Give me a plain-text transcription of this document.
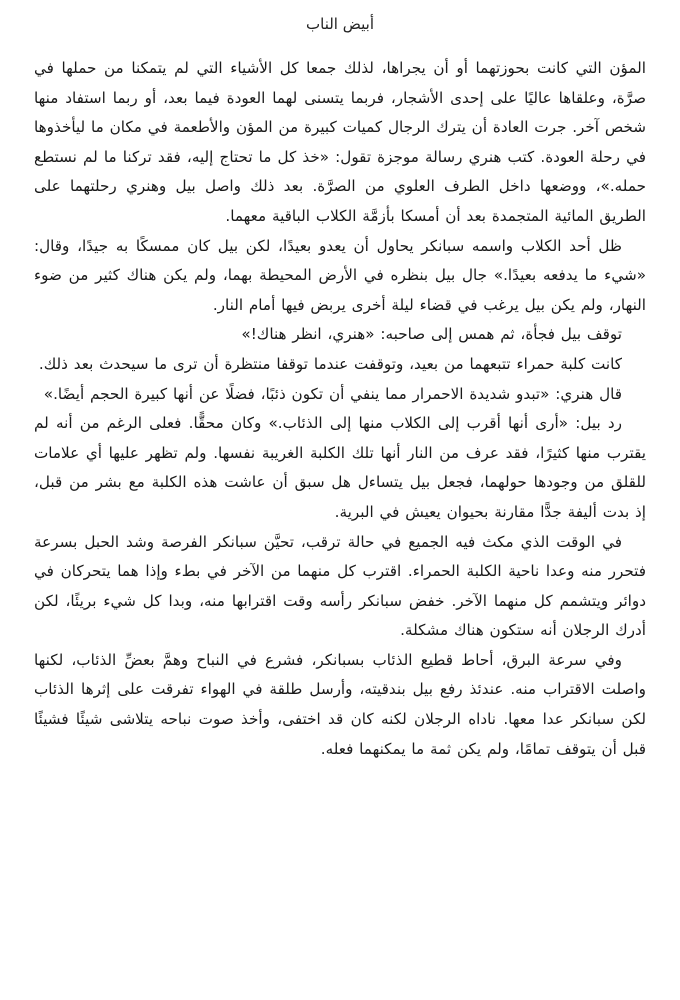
أبيض الناب

المؤن التي كانت بحوزتهما أو أن يجراها، لذلك جمعا كل الأشياء التي لم يتمكنا من حملها في صرَّة، وعلقاها عاليًا على إحدى الأشجار، فربما يتسنى لهما العودة فيما بعد، أو ربما استفاد منها شخص آخر. جرت العادة أن يترك الرجال كميات كبيرة من المؤن والأطعمة في مكان ما ليأخذوها في رحلة العودة. كتب هنري رسالة موجزة تقول: «خذ كل ما تحتاج إليه، فقد تركنا ما لم نستطع حمله.»، ووضعها داخل الطرف العلوي من الصرَّة. بعد ذلك واصل بيل وهنري رحلتهما على الطريق المائية المتجمدة بعد أن أمسكا بأزمَّة الكلاب الباقية معهما.

ظل أحد الكلاب واسمه سبانكر يحاول أن يعدو بعيدًا، لكن بيل كان ممسكًا به جيدًا، وقال: «شيء ما يدفعه بعيدًا.» جال بيل بنظره في الأرض المحيطة بهما، ولم يكن هناك كثير من ضوء النهار، ولم يكن بيل يرغب في قضاء ليلة أخرى يربض فيها أمام النار.

توقف بيل فجأة، ثم همس إلى صاحبه: «هنري، انظر هناك!»

كانت كلبة حمراء تتبعهما من بعيد، وتوقفت عندما توقفا منتظرة أن ترى ما سيحدث بعد ذلك.

قال هنري: «تبدو شديدة الاحمرار مما ينفي أن تكون ذئبًا، فضلًا عن أنها كبيرة الحجم أيضًا.»

رد بيل: «أرى أنها أقرب إلى الكلاب منها إلى الذئاب.» وكان محقًّا. فعلى الرغم من أنه لم يقترب منها كثيرًا، فقد عرف من النار أنها تلك الكلبة الغريبة نفسها. ولم تظهر عليها أي علامات للقلق من وجودها حولهما، فجعل بيل يتساءل هل سبق أن عاشت هذه الكلبة مع بشر من قبل، إذ بدت أليفة جدًّا مقارنة بحيوان يعيش في البرية.

في الوقت الذي مكث فيه الجميع في حالة ترقب، تحيَّن سبانكر الفرصة وشد الحبل بسرعة فتحرر منه وعدا ناحية الكلبة الحمراء. اقترب كل منهما من الآخر في بطء وإذا هما يتحركان في دوائر ويتشمم كل منهما الآخر. خفض سبانكر رأسه وقت اقترابها منه، وبدا كل شيء بريئًا، لكن أدرك الرجلان أنه ستكون هناك مشكلة.

وفي سرعة البرق، أحاط قطيع الذئاب بسبانكر، فشرع في النباح وهمَّ بعضِّ الذئاب، لكنها واصلت الاقتراب منه. عندئذ رفع بيل بندقيته، وأرسل طلقة في الهواء تفرقت على إثرها الذئاب لكن سبانكر عدا معها. ناداه الرجلان لكنه كان قد اختفى، وأخذ صوت نباحه يتلاشى شيئًا فشيئًا قبل أن يتوقف تمامًا، ولم يكن ثمة ما يمكنهما فعله.
